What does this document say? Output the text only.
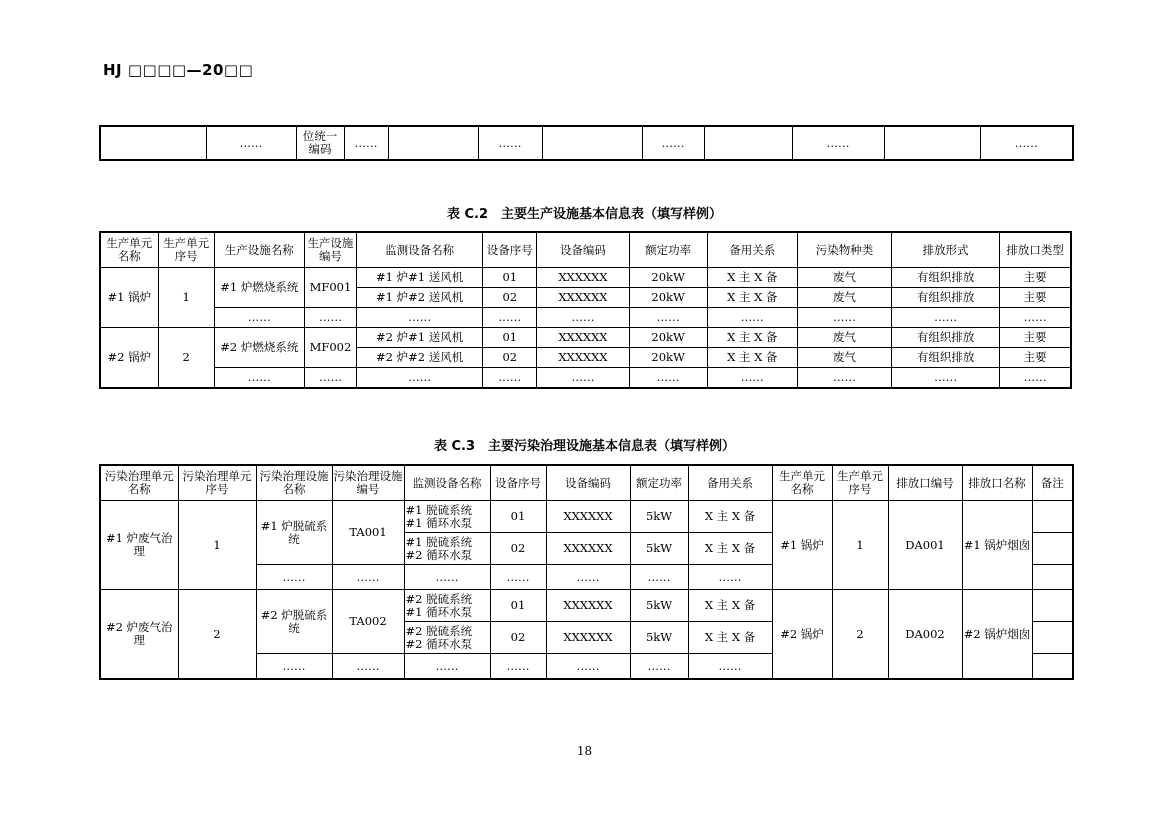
HJ □□□□—20□□
	……	位统一编码	……		……		……		……		……
表 C.2　主要生产设施基本信息表（填写样例）
生产单元名称	生产单元序号	生产设施名称	生产设施编号	监测设备名称	设备序号	设备编码	额定功率	备用关系	污染物种类	排放形式	排放口类型
#1 锅炉	1	#1 炉燃烧系统	MF001	#1 炉#1 送风机	01	XXXXXX	20kW	X 主 X 备	废气	有组织排放	主要
				#1 炉#2 送风机	02	XXXXXX	20kW	X 主 X 备	废气	有组织排放	主要
		……	……	……	……	……	……	……	……	……	……
#2 锅炉	2	#2 炉燃烧系统	MF002	#2 炉#1 送风机	01	XXXXXX	20kW	X 主 X 备	废气	有组织排放	主要
				#2 炉#2 送风机	02	XXXXXX	20kW	X 主 X 备	废气	有组织排放	主要
		……	……	……	……	……	……	……	……	……	……
表 C.3　主要污染治理设施基本信息表（填写样例）
污染治理单元名称	污染治理单元序号	污染治理设施名称	污染治理设施编号	监测设备名称	设备序号	设备编码	额定功率	备用关系	生产单元名称	生产单元序号	排放口编号	排放口名称	备注
#1 炉废气治理	1	#1 炉脱硫系统	TA001	#1 脱硫系统#1 循环水泵	01	XXXXXX	5kW	X 主 X 备	#1 锅炉	1	DA001	#1 锅炉烟囱	
				#1 脱硫系统#2 循环水泵	02	XXXXXX	5kW	X 主 X 备					
		……	……	……	……	……	……	……					
#2 炉废气治理	2	#2 炉脱硫系统	TA002	#2 脱硫系统#1 循环水泵	01	XXXXXX	5kW	X 主 X 备	#2 锅炉	2	DA002	#2 锅炉烟囱	
				#2 脱硫系统#2 循环水泵	02	XXXXXX	5kW	X 主 X 备					
		……	……	……	……	……	……	……					
18
